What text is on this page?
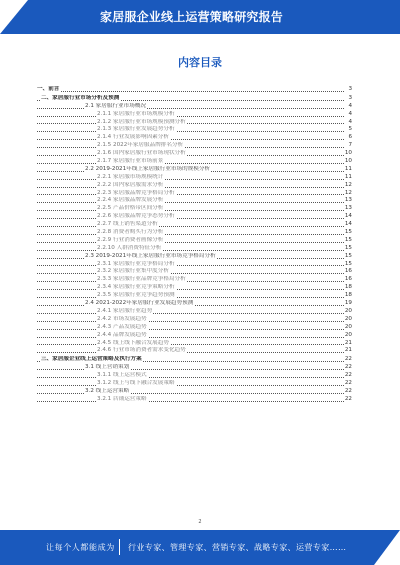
家居服企业线上运营策略研究报告
内容目录
一、前言	3
二、家居服行业市场分析及预测	3
2.1 家居服行业市场概况	4
2.1.1 家居服行业市场规模分析	4
2.1.2 家居服行业市场规模预测分析	4
2.1.3 家居服行业发展趋势分析	5
2.1.4 行业发展影响因素分析	6
2.1.5 2022年家居服品牌排名分析	7
2.1.6 国内家居服行业市场现状分析	10
2.1.7 家居服行业市场前景	10
2.2 2019-2021年线上家居服行业市场的规模分析	11
2.2.1 家居服市场规模统计	11
2.2.2 国内家居服需求分析	12
2.2.3 家居服品牌竞争格局分析	12
2.2.4 家居服品牌发展分析	13
2.2.5 产品价格带区间分析	13
2.2.6 家居服品牌竞争态势分析	14
2.2.7 线上销售渠道分析	14
2.2.8 消费者购买行为分析	15
2.2.9 行业消费者画像分析	15
2.2.10 人群消费特征分析	15
2.3 2019-2021年线上家居服行业市场竞争格局分析	15
2.3.1 家居服行业竞争格局分析	15
2.3.2 家居服行业集中度分析	16
2.3.3 家居服行业品牌竞争格局分析	16
2.3.4 家居服行业竞争策略分析	18
2.3.5 家居服行业竞争趋势预测	18
2.4 2021-2022年家居服行业发展趋势预测	19
2.4.1 家居服行业趋势	20
2.4.2 市场发展趋势	20
2.4.3 产品发展趋势	20
2.4.4 品牌发展趋势	20
2.4.5 线上线下融合发展趋势	21
2.4.6 行业市场消费者需求变化趋势	21
三、家居服企业线上运营策略及执行方案	22
3.1 线上营销策划	22
3.1.1 线上运营模式	22
3.1.2 线上与线下融合发展策略	22
3.2 线上运营策略	22
3.2.1 店铺运营策略	22
2
让每个人都能成为 行业专家、管理专家、营销专家、战略专家、运营专家……
